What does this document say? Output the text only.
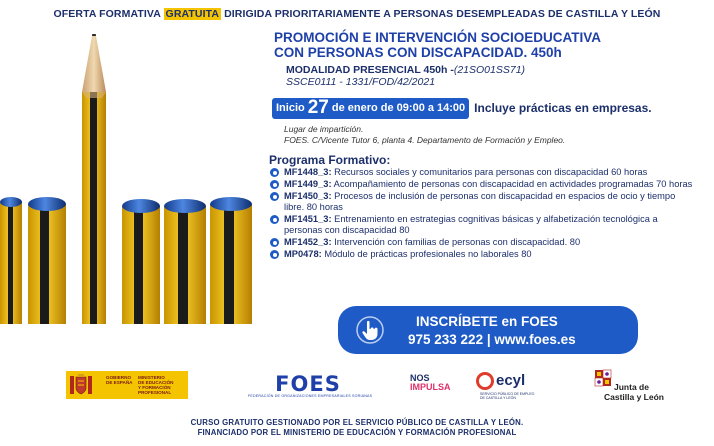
OFERTA FORMATIVA GRATUITA DIRIGIDA PRIORITARIAMENTE A PERSONAS DESEMPLEADAS DE CASTILLA Y LEÓN
PROMOCIÓN E INTERVENCIÓN SOCIOEDUCATIVA
CON PERSONAS CON DISCAPACIDAD. 450h
MODALIDAD PRESENCIAL 450h -(21SO01SS71)
SSCE0111 - 1331/FOD/42/2021
Inicio 27 de enero de 09:00 a 14:00 Incluye prácticas en empresas.
Lugar de impartición.
FOES. C/Vicente Tutor 6, planta 4. Departamento de Formación y Empleo.
Programa Formativo:
MF1448_3: Recursos sociales y comunitarios para personas con discapacidad 60 horas
MF1449_3: Acompañamiento de personas con discapacidad en actividades programadas 70 horas
MF1450_3: Procesos de inclusión de personas con discapacidad en espacios de ocio y tiempo libre. 80 horas
MF1451_3: Entrenamiento en estrategias cognitivas básicas y alfabetización tecnológica a personas con discapacidad 80
MF1452_3: Intervención con familias de personas con discapacidad. 80
MP0478: Módulo de prácticas profesionales no laborales 80
INSCRÍBETE en FOES
975 233 222 | www.foes.es
GOBIERNO
DE ESPAÑA
MINISTERIO
DE EDUCACIÓN
Y FORMACIÓN PROFESIONAL	FOES
FEDERACIÓN DE ORGANIZACIONES EMPRESARIALES SORIANAS
NOS
IMPULSA	ecyl
SERVICIO PÚBLICO DE EMPLEO DE CASTILLA Y LEÓN
Junta de
Castilla y León
CURSO GRATUITO GESTIONADO POR EL SERVICIO PÚBLICO DE CASTILLA Y LEÓN.
FINANCIADO POR EL MINISTERIO DE EDUCACIÓN Y FORMACIÓN PROFESIONAL
